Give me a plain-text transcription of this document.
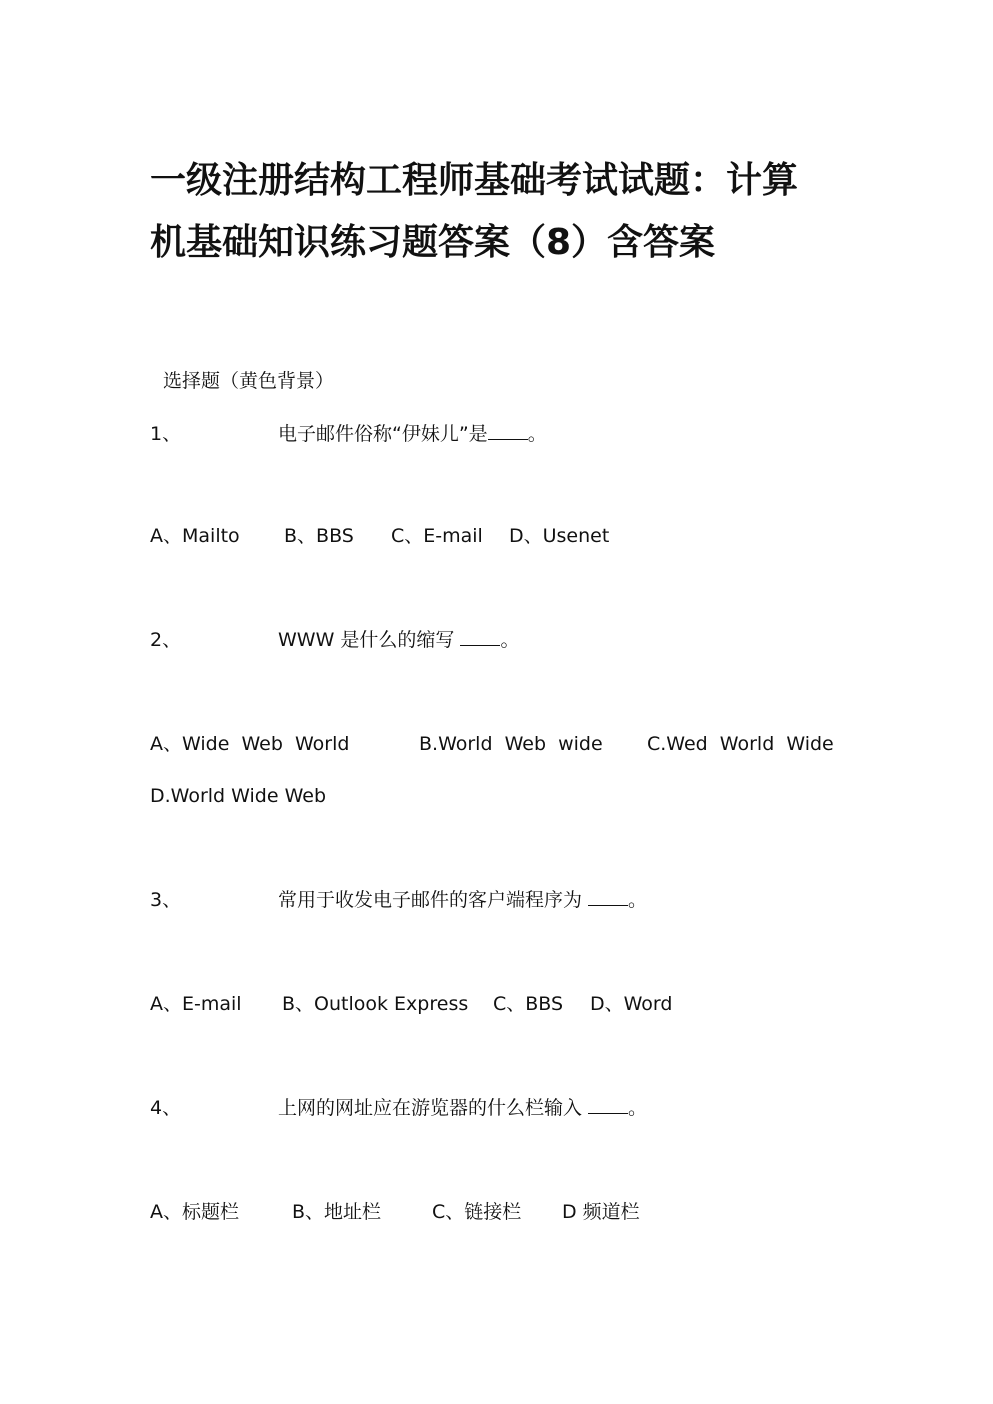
一级注册结构工程师基础考试试题：计算
机基础知识练习题答案（8）含答案
选择题（黄色背景）
1、	电子邮件俗称“伊妹儿”是 。
A、Mailto B、BBS C、E-mail D、Usenet
2、	WWW 是什么的缩写 。
A、Wide  Web  World	B.World  Web  wide C.Wed  World  Wide
D.World Wide Web
3、	常用于收发电子邮件的客户端程序为 。
A、E-mail B、Outlook Express C、BBS D、Word
4、	上网的网址应在游览器的什么栏输入 。
A、标题栏	B、地址栏	C、链接栏 D 频道栏
